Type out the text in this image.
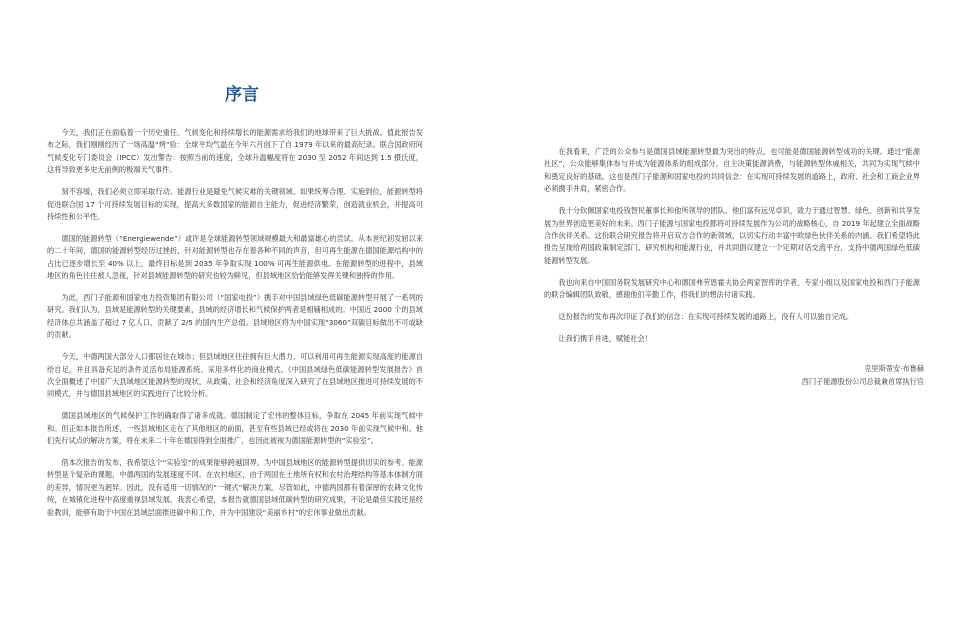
序言

今天，我们正在面临着一个历史重任。气候变化和持续增长的能源需求给我们的地球带来了巨大挑战。值此报告发布之际，我们刚刚经历了一场高温“烤”验：全球平均气温在今年六月创下了自 1979 年以来的最高纪录。联合国政府间气候变化专门委员会（IPCC）发出警告：按照当前的速度，全球升温幅度将在 2030 至 2052 年间达到 1.5 摄氏度，这将导致更多史无前例的极端天气事件。

刻不容缓，我们必须立即采取行动。能源行业是避免气候灾难的关键领域。如果统筹合理、实施到位，能源转型将促进联合国 17 个可持续发展目标的实现，提高大多数国家的能源自主能力，促进经济繁荣，创造就业机会，并提高可持续性和公平性。

德国的能源转型（“Energiewende”）或许是全球能源转型领域规模最大和最富雄心的尝试。从本世纪初发轫以来的二十年间，德国的能源转型经历过挫折，针对能源转型也存在着各种不同的声音，但可再生能源在德国能源结构中的占比已逐步增长至 40% 以上，最终目标是到 2035 年争取实现 100% 可再生能源供电。在能源转型的进程中，县域地区的角色往往被人忽视，针对县域能源转型的研究也较为鲜见，但县域地区恰恰能够发挥关键和独特的作用。

为此，西门子能源和国家电力投资集团有限公司（“国家电投”）携手对中国县域绿色低碳能源转型开展了一系列的研究。我们认为，县域是能源转型的关键要素，县域的经济增长和气候保护两者是相辅相成的。中国近 2000 个的县域经济体总共涵盖了超过 7 亿人口，贡献了 2/5 的国内生产总值。县域地区将为中国实现“3060”双碳目标做出不可或缺的贡献。

今天，中德两国大部分人口都居住在城市；但县域地区往往拥有巨大潜力，可以利用可再生能源实现高度的能源自给自足，并且具备充足的条件灵活布局能源系统、采用多样化的商业模式。《中国县域绿色低碳能源转型发展报告》首次全面概述了中国广大县域地区能源转型的现状，从政策、社会和经济角度深入研究了在县域地区推进可持续发展的不同模式，并与德国县域地区的实践进行了比较分析。

德国县域地区的气候保护工作的确取得了诸多成就。德国制定了宏伟的整体目标，争取在 2045 年前实现气候中和。但正如本报告所述，一些县域地区走在了其他地区的前面，甚至有些县域已经或将在 2030 年前实现气候中和。他们先行试点的解决方案，将在未来二十年在德国得到全面推广，也因此被视为德国能源转型的“实验室”。

借本次报告的发布，我希望这个“实验室”的成果能够跨越国界，为中国县域地区的能源转型提供切实的参考。能源转型是个复杂的课题，中德两国的发展速度不同。在农村地区，由于两国在土地所有权和农村治理结构等基本体制方面的差异，情况更为迥异。因此，没有适用一切情况的“一键式”解决方案。尽管如此，中德两国都有着深厚的农耕文化传统，在城镇化进程中高度重视县域发展。我衷心希望，本报告就德国县域低碳转型的研究成果，不论是最佳实践还是经验教训，能够有助于中国在县域层面推进碳中和工作，并为中国建设“美丽乡村”的宏伟事业做出贡献。

在我看来，广泛的公众参与是德国县域能源转型最为突出的特点，也可能是德国能源转型成功的关键。通过“能源社区”，公众能够集体参与并成为能源体系的组成部分，自主决策能源消费，与能源转型休戚相关，共同为实现气候中和奠定良好的基础。这也是西门子能源和国家电投的共同信念：在实现可持续发展的道路上，政府、社会和工商企业界必须携手并肩，紧密合作。

我十分钦佩国家电投钱智民董事长和他所领导的团队。他们富有远见卓识，致力于通过智慧、绿色、创新和共享发展为世界创造更美好的未来。西门子能源与国家电投都将可持续发展作为公司的战略核心，自 2019 年起建立全面战略合作伙伴关系。这份联合研究报告将开启双方合作的新领域，以切实行动丰富中欧绿色伙伴关系的内涵。我们希望将此报告呈现给两国政策制定部门、研究机构和能源行业，并共同倡议建立一个定期对话交流平台，支持中德两国绿色低碳能源转型发展。

我也向来自中国国务院发展研究中心和德国弗劳恩霍夫协会两家智库的学者、专家小组以及国家电投和西门子能源的联合编辑团队致敬，感谢他们辛勤工作，将我们的想法付诸实践。

这份报告的发布再次印证了我们的信念：在实现可持续发展的道路上，没有人可以独自完成。

让我们携手并进，赋能社会！

克里斯蒂安·布鲁赫
西门子能源股份公司总裁兼首席执行官
